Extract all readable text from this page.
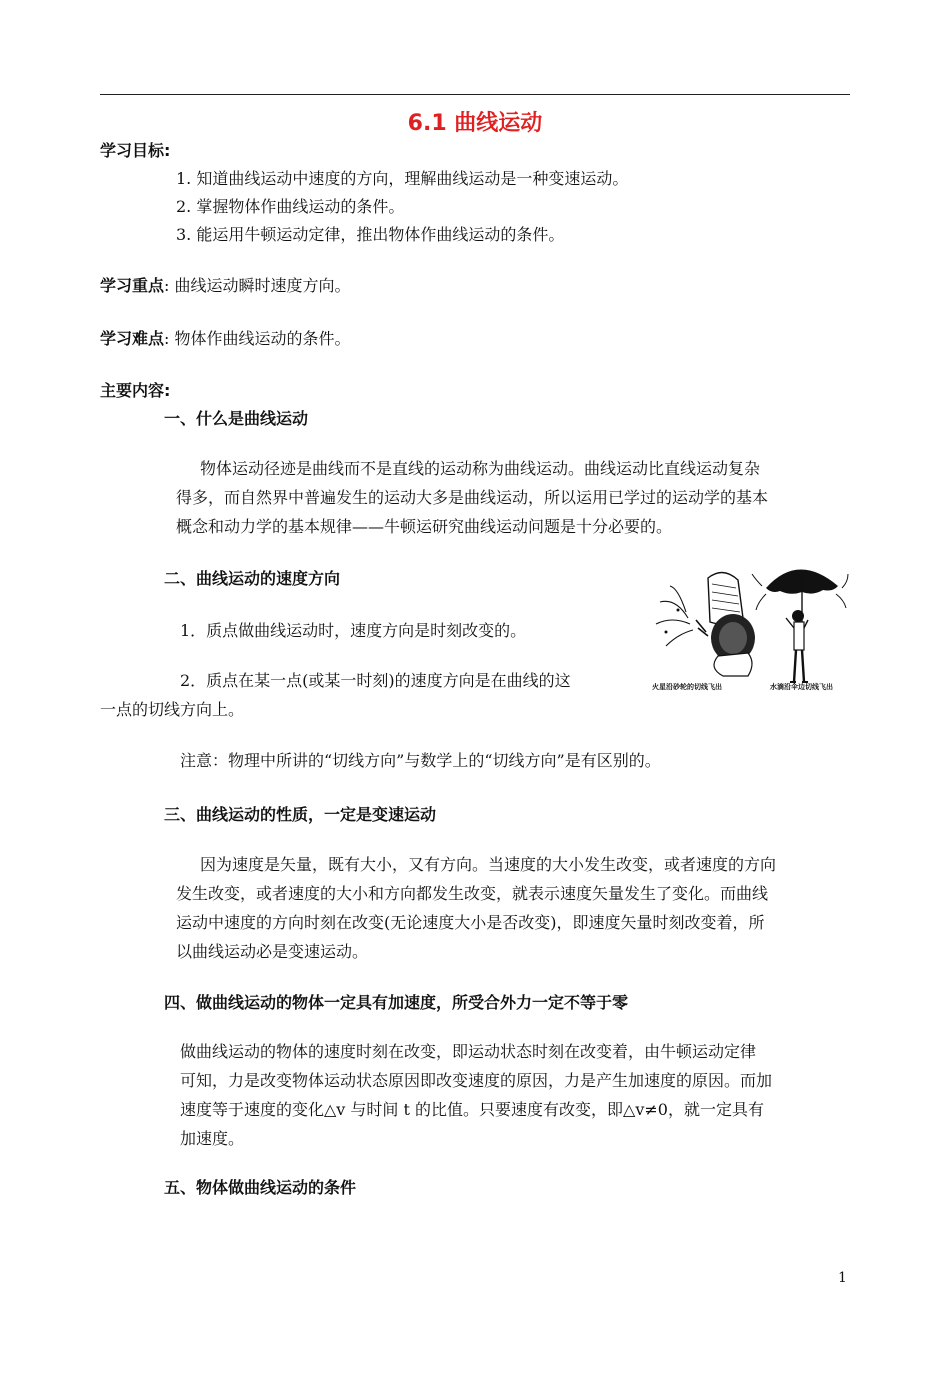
6.1 曲线运动
学习目标:
1. 知道曲线运动中速度的方向，理解曲线运动是一种变速运动。
2. 掌握物体作曲线运动的条件。
3. 能运用牛顿运动定律，推出物体作曲线运动的条件。
学习重点: 曲线运动瞬时速度方向。
学习难点: 物体作曲线运动的条件。
主要内容:
一、什么是曲线运动

物体运动径迹是曲线而不是直线的运动称为曲线运动。曲线运动比直线运动复杂

得多，而自然界中普遍发生的运动大多是曲线运动，所以运用已学过的运动学的基本

概念和动力学的基本规律——牛顿运研究曲线运动问题是十分必要的。

二、曲线运动的速度方向
1．质点做曲线运动时，速度方向是时刻改变的。
2．质点在某一点(或某一时刻)的速度方向是在曲线的这
一点的切线方向上。
注意：物理中所讲的“切线方向”与数学上的“切线方向”是有区别的。
火星沿砂轮的切线飞出	水滴沿伞边切线飞出
三、曲线运动的性质，一定是变速运动

因为速度是矢量，既有大小，又有方向。当速度的大小发生改变，或者速度的方向

发生改变，或者速度的大小和方向都发生改变，就表示速度矢量发生了变化。而曲线

运动中速度的方向时刻在改变(无论速度大小是否改变)，即速度矢量时刻改变着，所

以曲线运动必是变速运动。

四、做曲线运动的物体一定具有加速度，所受合外力一定不等于零

做曲线运动的物体的速度时刻在改变，即运动状态时刻在改变着，由牛顿运动定律

可知，力是改变物体运动状态原因即改变速度的原因，力是产生加速度的原因。而加

速度等于速度的变化△v 与时间 t 的比值。只要速度有改变，即△v≠0，就一定具有

加速度。

五、物体做曲线运动的条件
1
